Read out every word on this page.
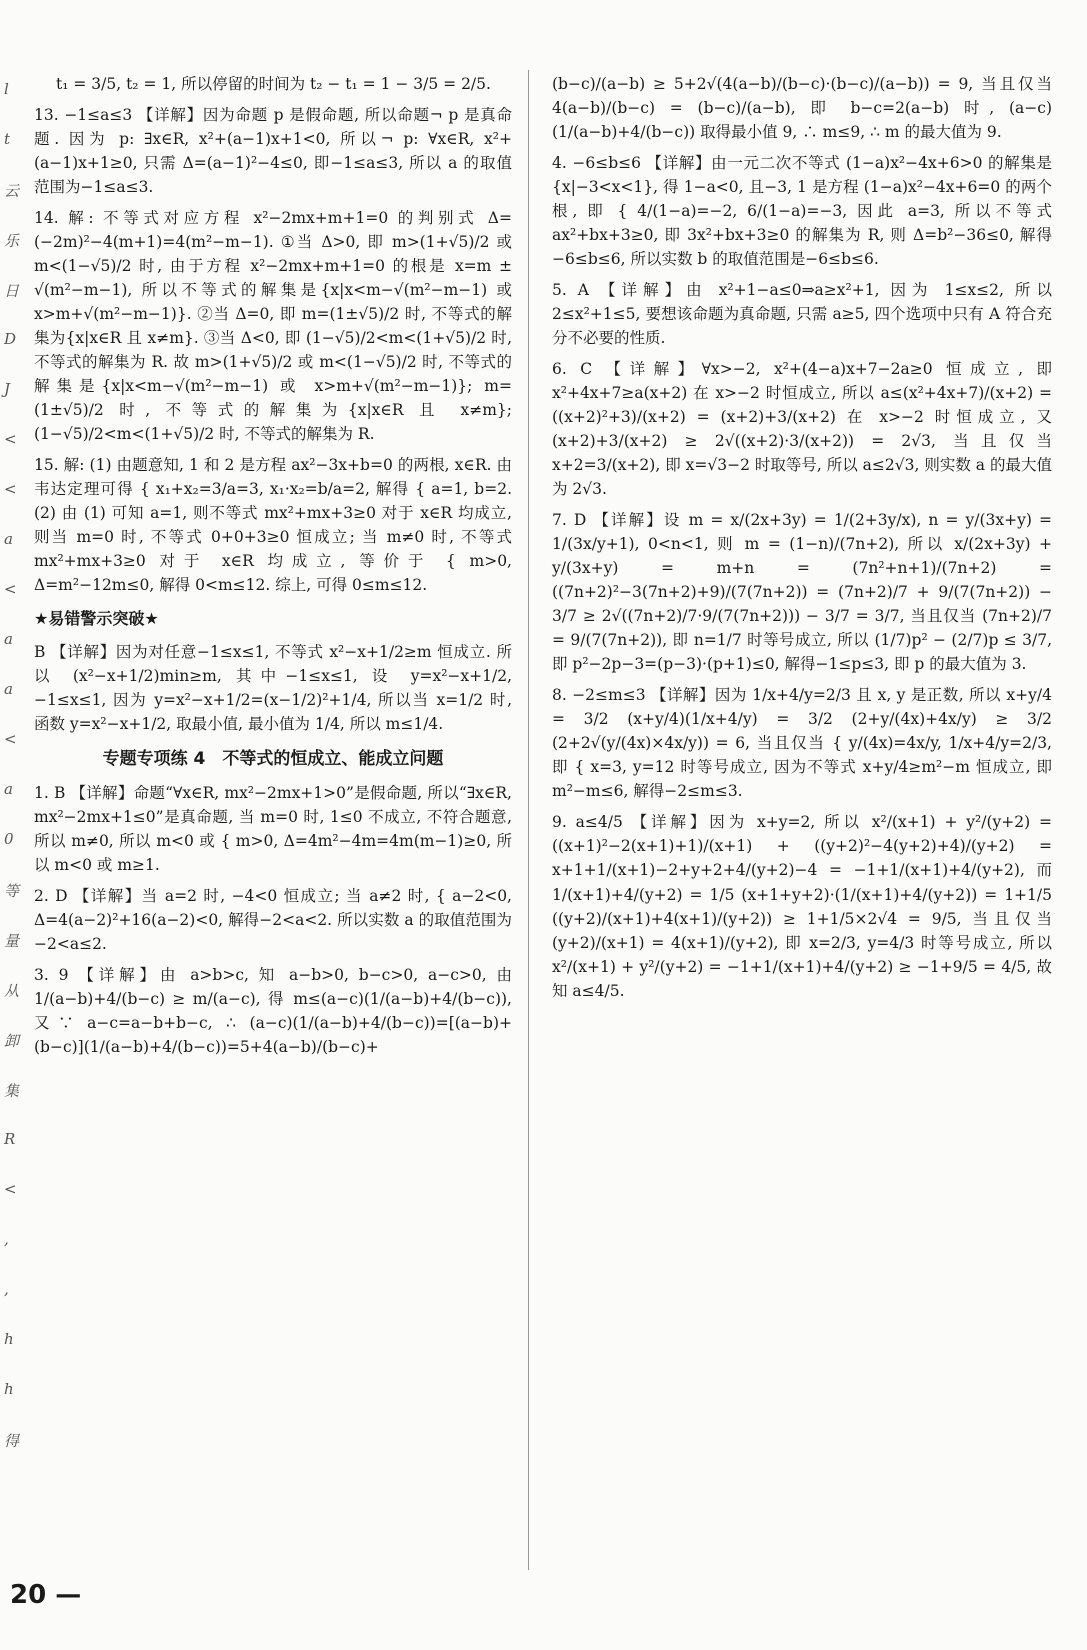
l
t
云
乐
日
D
J
<
<
a
<
a
a
<
a
0
等
量
从
卸
集
R
<
,
,
h
h
得
t₁ = 3/5, t₂ = 1, 所以停留的时间为 t₂ − t₁ = 1 − 3/5 = 2/5.
13. −1≤a≤3 【详解】因为命题 p 是假命题, 所以命题¬ p 是真命题. 因为 p: ∃x∈R, x²+(a−1)x+1<0, 所以¬ p: ∀x∈R, x²+(a−1)x+1≥0, 只需 Δ=(a−1)²−4≤0, 即−1≤a≤3, 所以 a 的取值范围为−1≤a≤3.
14. 解: 不等式对应方程 x²−2mx+m+1=0 的判别式 Δ=(−2m)²−4(m+1)=4(m²−m−1). ①当 Δ>0, 即 m>(1+√5)/2 或 m<(1−√5)/2 时, 由于方程 x²−2mx+m+1=0 的根是 x=m ± √(m²−m−1), 所以不等式的解集是{x|x<m−√(m²−m−1) 或 x>m+√(m²−m−1)}. ②当 Δ=0, 即 m=(1±√5)/2 时, 不等式的解集为{x|x∈R 且 x≠m}. ③当 Δ<0, 即 (1−√5)/2<m<(1+√5)/2 时, 不等式的解集为 R. 故 m>(1+√5)/2 或 m<(1−√5)/2 时, 不等式的解集是{x|x<m−√(m²−m−1) 或 x>m+√(m²−m−1)}; m=(1±√5)/2 时, 不等式的解集为{x|x∈R 且 x≠m}; (1−√5)/2<m<(1+√5)/2 时, 不等式的解集为 R.
15. 解: (1) 由题意知, 1 和 2 是方程 ax²−3x+b=0 的两根, x∈R. 由韦达定理可得 { x₁+x₂=3/a=3, x₁·x₂=b/a=2, 解得 { a=1, b=2. (2) 由 (1) 可知 a=1, 则不等式 mx²+mx+3≥0 对于 x∈R 均成立, 则当 m=0 时, 不等式 0+0+3≥0 恒成立; 当 m≠0 时, 不等式 mx²+mx+3≥0 对于 x∈R 均成立, 等价于 { m>0, Δ=m²−12m≤0, 解得 0<m≤12. 综上, 可得 0≤m≤12.
★易错警示突破★
B 【详解】因为对任意−1≤x≤1, 不等式 x²−x+1/2≥m 恒成立. 所以 (x²−x+1/2)min≥m, 其中−1≤x≤1, 设 y=x²−x+1/2, −1≤x≤1, 因为 y=x²−x+1/2=(x−1/2)²+1/4, 所以当 x=1/2 时, 函数 y=x²−x+1/2, 取最小值, 最小值为 1/4, 所以 m≤1/4.
专题专项练 4　不等式的恒成立、能成立问题
1. B 【详解】命题“∀x∈R, mx²−2mx+1>0”是假命题, 所以“∃x∈R, mx²−2mx+1≤0”是真命题, 当 m=0 时, 1≤0 不成立, 不符合题意, 所以 m≠0, 所以 m<0 或 { m>0, Δ=4m²−4m=4m(m−1)≥0, 所以 m<0 或 m≥1.
2. D 【详解】当 a=2 时, −4<0 恒成立; 当 a≠2 时, { a−2<0, Δ=4(a−2)²+16(a−2)<0, 解得−2<a<2. 所以实数 a 的取值范围为−2<a≤2.
3. 9 【详解】由 a>b>c, 知 a−b>0, b−c>0, a−c>0, 由 1/(a−b)+4/(b−c) ≥ m/(a−c), 得 m≤(a−c)(1/(a−b)+4/(b−c)), 又∵ a−c=a−b+b−c, ∴ (a−c)(1/(a−b)+4/(b−c))=[(a−b)+(b−c)](1/(a−b)+4/(b−c))=5+4(a−b)/(b−c)+
(b−c)/(a−b) ≥ 5+2√(4(a−b)/(b−c)·(b−c)/(a−b)) = 9, 当且仅当 4(a−b)/(b−c) = (b−c)/(a−b), 即 b−c=2(a−b) 时, (a−c)(1/(a−b)+4/(b−c)) 取得最小值 9, ∴ m≤9, ∴ m 的最大值为 9.
4. −6≤b≤6 【详解】由一元二次不等式 (1−a)x²−4x+6>0 的解集是{x|−3<x<1}, 得 1−a<0, 且−3, 1 是方程 (1−a)x²−4x+6=0 的两个根, 即 { 4/(1−a)=−2, 6/(1−a)=−3, 因此 a=3, 所以不等式 ax²+bx+3≥0, 即 3x²+bx+3≥0 的解集为 R, 则 Δ=b²−36≤0, 解得−6≤b≤6, 所以实数 b 的取值范围是−6≤b≤6.
5. A 【详解】由 x²+1−a≤0⇒a≥x²+1, 因为 1≤x≤2, 所以 2≤x²+1≤5, 要想该命题为真命题, 只需 a≥5, 四个选项中只有 A 符合充分不必要的性质.
6. C 【详解】∀x>−2, x²+(4−a)x+7−2a≥0 恒成立, 即 x²+4x+7≥a(x+2) 在 x>−2 时恒成立, 所以 a≤(x²+4x+7)/(x+2) = ((x+2)²+3)/(x+2) = (x+2)+3/(x+2) 在 x>−2 时恒成立, 又 (x+2)+3/(x+2) ≥ 2√((x+2)·3/(x+2)) = 2√3, 当且仅当 x+2=3/(x+2), 即 x=√3−2 时取等号, 所以 a≤2√3, 则实数 a 的最大值为 2√3.
7. D 【详解】设 m = x/(2x+3y) = 1/(2+3y/x), n = y/(3x+y) = 1/(3x/y+1), 0<n<1, 则 m = (1−n)/(7n+2), 所以 x/(2x+3y) + y/(3x+y) = m+n = (7n²+n+1)/(7n+2) = ((7n+2)²−3(7n+2)+9)/(7(7n+2)) = (7n+2)/7 + 9/(7(7n+2)) − 3/7 ≥ 2√((7n+2)/7·9/(7(7n+2))) − 3/7 = 3/7, 当且仅当 (7n+2)/7 = 9/(7(7n+2)), 即 n=1/7 时等号成立, 所以 (1/7)p² − (2/7)p ≤ 3/7, 即 p²−2p−3=(p−3)·(p+1)≤0, 解得−1≤p≤3, 即 p 的最大值为 3.
8. −2≤m≤3 【详解】因为 1/x+4/y=2/3 且 x, y 是正数, 所以 x+y/4 = 3/2 (x+y/4)(1/x+4/y) = 3/2 (2+y/(4x)+4x/y) ≥ 3/2 (2+2√(y/(4x)×4x/y)) = 6, 当且仅当 { y/(4x)=4x/y, 1/x+4/y=2/3, 即 { x=3, y=12 时等号成立, 因为不等式 x+y/4≥m²−m 恒成立, 即 m²−m≤6, 解得−2≤m≤3.
9. a≤4/5 【详解】因为 x+y=2, 所以 x²/(x+1) + y²/(y+2) = ((x+1)²−2(x+1)+1)/(x+1) + ((y+2)²−4(y+2)+4)/(y+2) = x+1+1/(x+1)−2+y+2+4/(y+2)−4 = −1+1/(x+1)+4/(y+2), 而 1/(x+1)+4/(y+2) = 1/5 (x+1+y+2)·(1/(x+1)+4/(y+2)) = 1+1/5 ((y+2)/(x+1)+4(x+1)/(y+2)) ≥ 1+1/5×2√4 = 9/5, 当且仅当 (y+2)/(x+1) = 4(x+1)/(y+2), 即 x=2/3, y=4/3 时等号成立, 所以 x²/(x+1) + y²/(y+2) = −1+1/(x+1)+4/(y+2) ≥ −1+9/5 = 4/5, 故知 a≤4/5.
20 —
